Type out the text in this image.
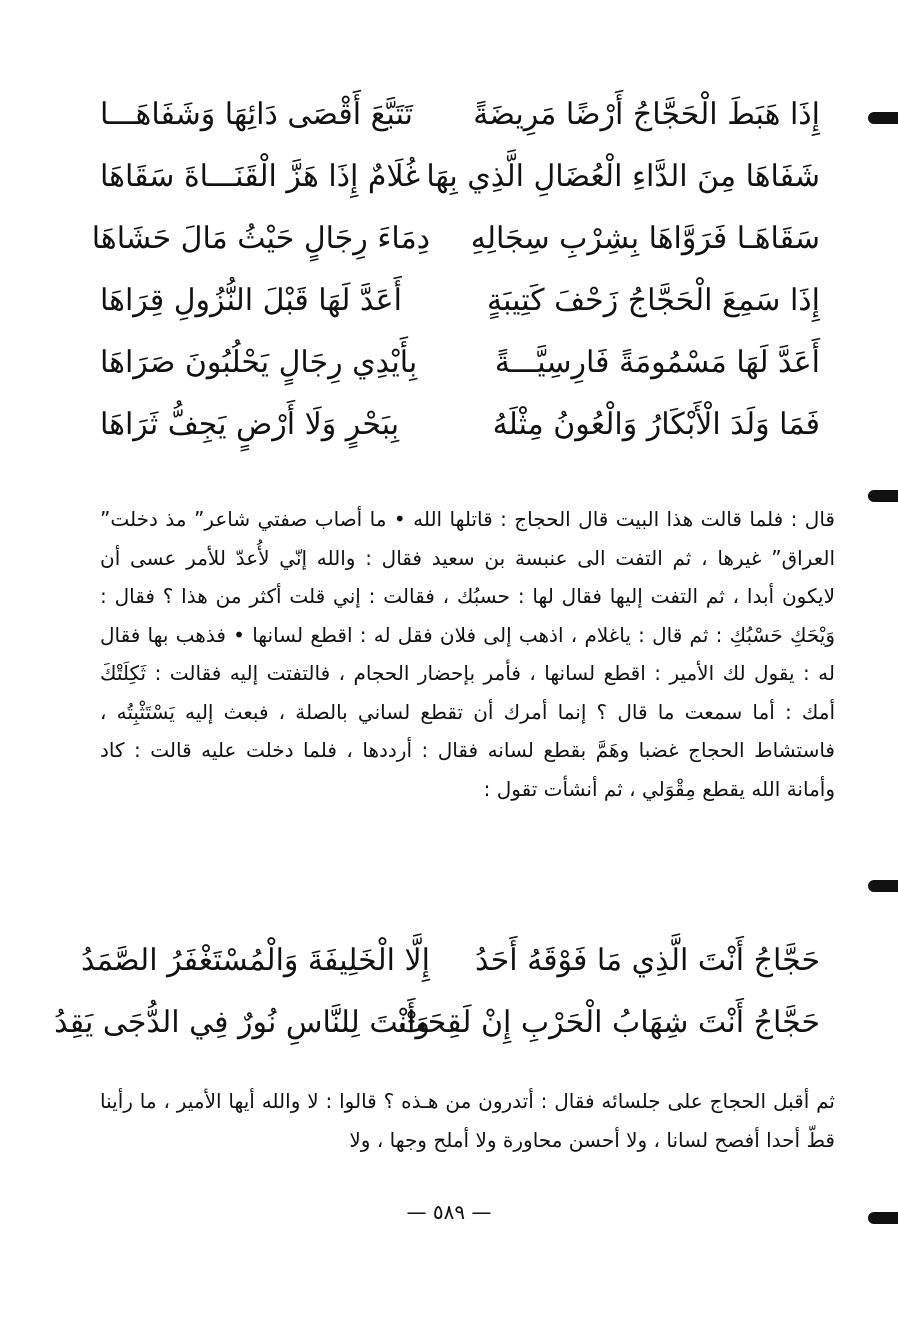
إِذَا هَبَطَ الْحَجَّاجُ أَرْضًا مَرِيضَةً
تَتَبَّعَ أَقْصَى دَائِهَا وَشَفَاهَـــا
شَفَاهَا مِنَ الدَّاءِ الْعُضَالِ الَّذِي بِهَا
غُلَامٌ إِذَا هَزَّ الْقَنَـــاةَ سَقَاهَا
سَقَاهَـا فَرَوَّاهَا بِشِرْبِ سِجَالِهِ
دِمَاءَ رِجَالٍ حَيْثُ مَالَ حَشَاهَا
إِذَا سَمِعَ الْحَجَّاجُ زَحْفَ كَتِيبَةٍ
أَعَدَّ لَهَا قَبْلَ النُّزُولِ قِرَاهَا
أَعَدَّ لَهَا مَسْمُومَةً فَارِسِيَّـــةً
بِأَيْدِي رِجَالٍ يَحْلُبُونَ صَرَاهَا
فَمَا وَلَدَ الْأَبْكَارُ وَالْعُونُ مِثْلَهُ
بِبَحْرٍ وَلَا أَرْضٍ يَجِفُّ ثَرَاهَا
قال : فلما قالت هذا البيت قال الحجاج : قاتلها الله • ما أصاب صفتي شاعر” مذ دخلت” العراق” غيرها ، ثم التفت الى عنبسة بن سعيد فقال : والله إنّي لأُعدّ للأمر عسى أن لايكون أبدا ، ثم التفت إليها فقال لها : حسبُك ، فقالت : إني قلت أكثر من هذا ؟ فقال : وَيْحَكِ حَسْبُكِ : ثم قال : ياغلام ، اذهب إلى فلان فقل له : اقطع لسانها • فذهب بها فقال له : يقول لك الأمير : اقطع لسانها ، فأمر بإحضار الحجام ، فالتفتت إليه فقالت : ثَكِلَتْكَ أمك : أما سمعت ما قال ؟ إنما أمرك أن تقطع لساني بالصلة ، فبعث إليه يَسْتَثْبِتُه ، فاستشاط الحجاج غضبا وهَمَّ بقطع لسانه فقال : أرددها ، فلما دخلت عليه قالت : كاد وأمانة الله يقطع مِقْوَلي ، ثم أنشأت تقول :
حَجَّاجُ أَنْتَ الَّذِي مَا فَوْقَهُ أَحَدُ
إِلَّا الْخَلِيفَةَ وَالْمُسْتَغْفَرُ الصَّمَدُ
حَجَّاجُ أَنْتَ شِهَابُ الْحَرْبِ إِنْ لَقِحَتْ
وَأَنْتَ لِلنَّاسِ نُورٌ فِي الدُّجَى يَقِدُ
ثم أقبل الحجاج على جلسائه فقال : أتدرون من هـذه ؟ قالوا : لا والله أيها الأمير ، ما رأينا قطّ أحدا أفصح لسانا ، ولا أحسن محاورة ولا أملح وجها ، ولا
— ٥٨٩ —
